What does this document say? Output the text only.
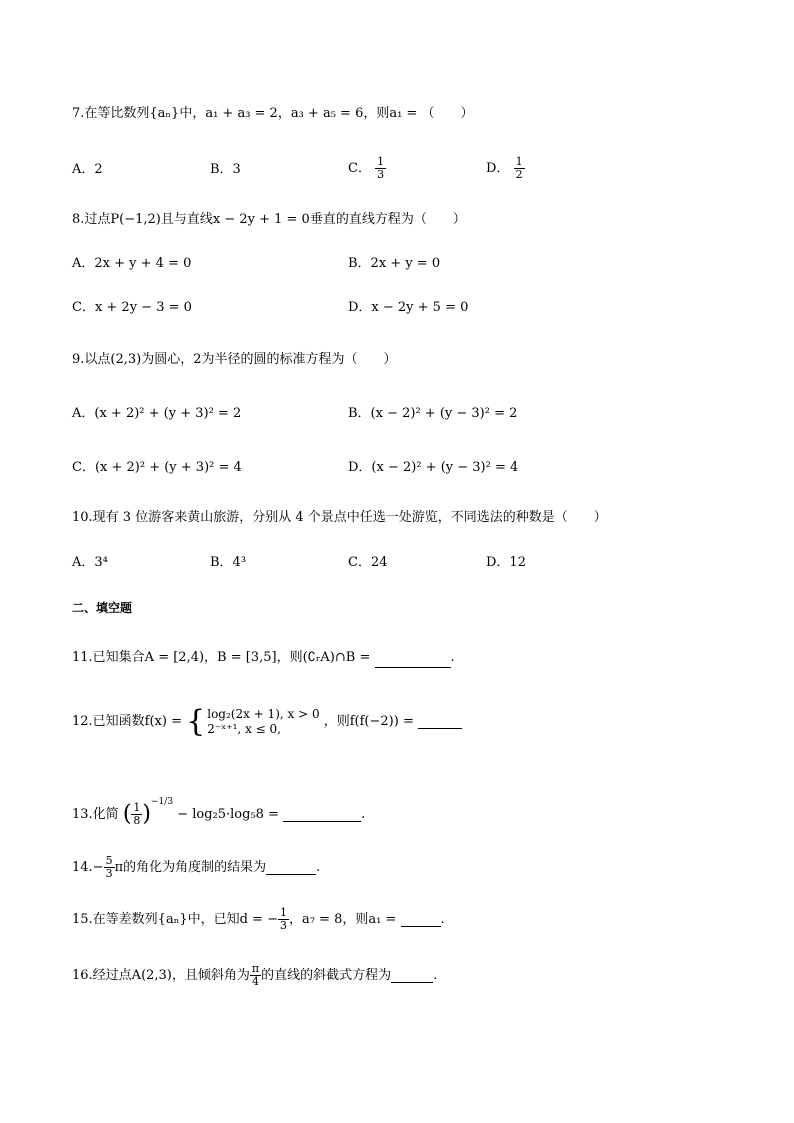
7.在等比数列{aₙ}中，a₁ + a₃ = 2，a₃ + a₅ = 6，则a₁ = （　　）
A．2	B．3	C． $\frac{1}{3}$	D． $\frac{1}{2}$
8.过点P(−1,2)且与直线x − 2y + 1 = 0垂直的直线方程为（　　）
A．2x + y + 4 = 0	B．2x + y = 0
C．x + 2y − 3 = 0	D．x − 2y + 5 = 0
9.以点(2,3)为圆心，2为半径的圆的标准方程为（　　）
A．(x + 2)² + (y + 3)² = 2	B．(x − 2)² + (y − 3)² = 2
C．(x + 2)² + (y + 3)² = 4	D．(x − 2)² + (y − 3)² = 4
10.现有 3 位游客来黄山旅游，分别从 4 个景点中任选一处游览，不同选法的种数是（　　）
A．3⁴	B．4³	C．24	D．12
二、填空题
11.已知集合A = [2,4)，B = [3,5]，则(∁ᵣA)∩B =	.
12.已知函数f(x) = { log₂(2x + 1), x > 0
2⁻ˣ⁺¹, x ≤ 0,	，则f(f(−2)) =
13.化简 ( $\frac{1}{8} )^{-1/3} - \log_25\cdot\log_58$ =	.
$14.- \frac{5}{3}$ π的角化为角度制的结果为	.
15.在等差数列{aₙ}中，已知d = − $\frac{1}{3}$ ，a₇ = 8，则a₁ =	.
16.经过点A(2,3)，且倾斜角为 $\frac{\pi}{4}$ 的直线的斜截式方程为	.
